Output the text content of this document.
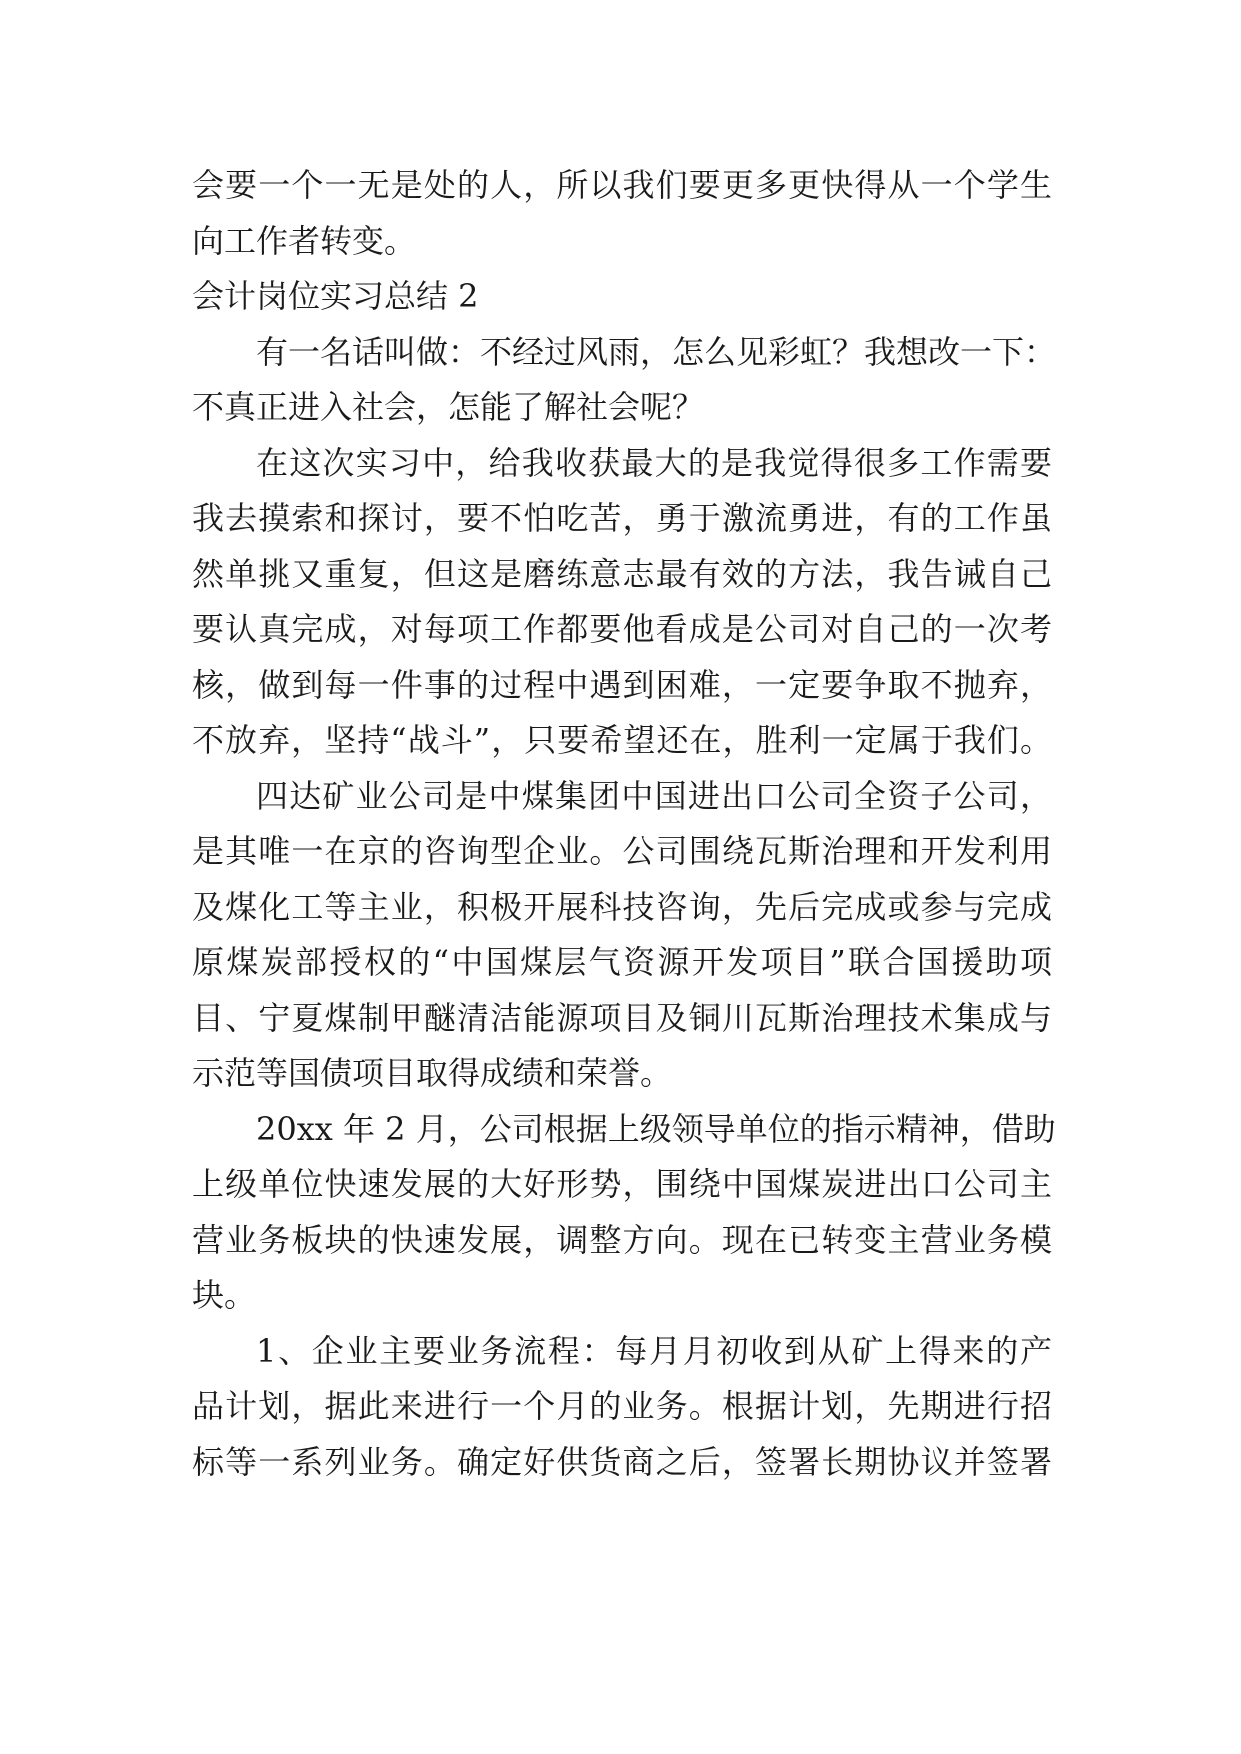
会要一个一无是处的人，所以我们要更多更快得从一个学生
向工作者转变。
会计岗位实习总结 2
有一名话叫做：不经过风雨，怎么见彩虹？我想改一下：
不真正进入社会，怎能了解社会呢？
在这次实习中，给我收获最大的是我觉得很多工作需要
我去摸索和探讨，要不怕吃苦，勇于激流勇进，有的工作虽
然单挑又重复，但这是磨练意志最有效的方法，我告诫自己
要认真完成，对每项工作都要他看成是公司对自己的一次考
核，做到每一件事的过程中遇到困难，一定要争取不抛弃，
不放弃，坚持“战斗”，只要希望还在，胜利一定属于我们。
四达矿业公司是中煤集团中国进出口公司全资子公司，
是其唯一在京的咨询型企业。公司围绕瓦斯治理和开发利用
及煤化工等主业，积极开展科技咨询，先后完成或参与完成
原煤炭部授权的“中国煤层气资源开发项目”联合国援助项
目、宁夏煤制甲醚清洁能源项目及铜川瓦斯治理技术集成与
示范等国债项目取得成绩和荣誉。
20xx 年 2 月，公司根据上级领导单位的指示精神，借助
上级单位快速发展的大好形势，围绕中国煤炭进出口公司主
营业务板块的快速发展，调整方向。现在已转变主营业务模
块。
1、企业主要业务流程：每月月初收到从矿上得来的产
品计划，据此来进行一个月的业务。根据计划，先期进行招
标等一系列业务。确定好供货商之后，签署长期协议并签署
